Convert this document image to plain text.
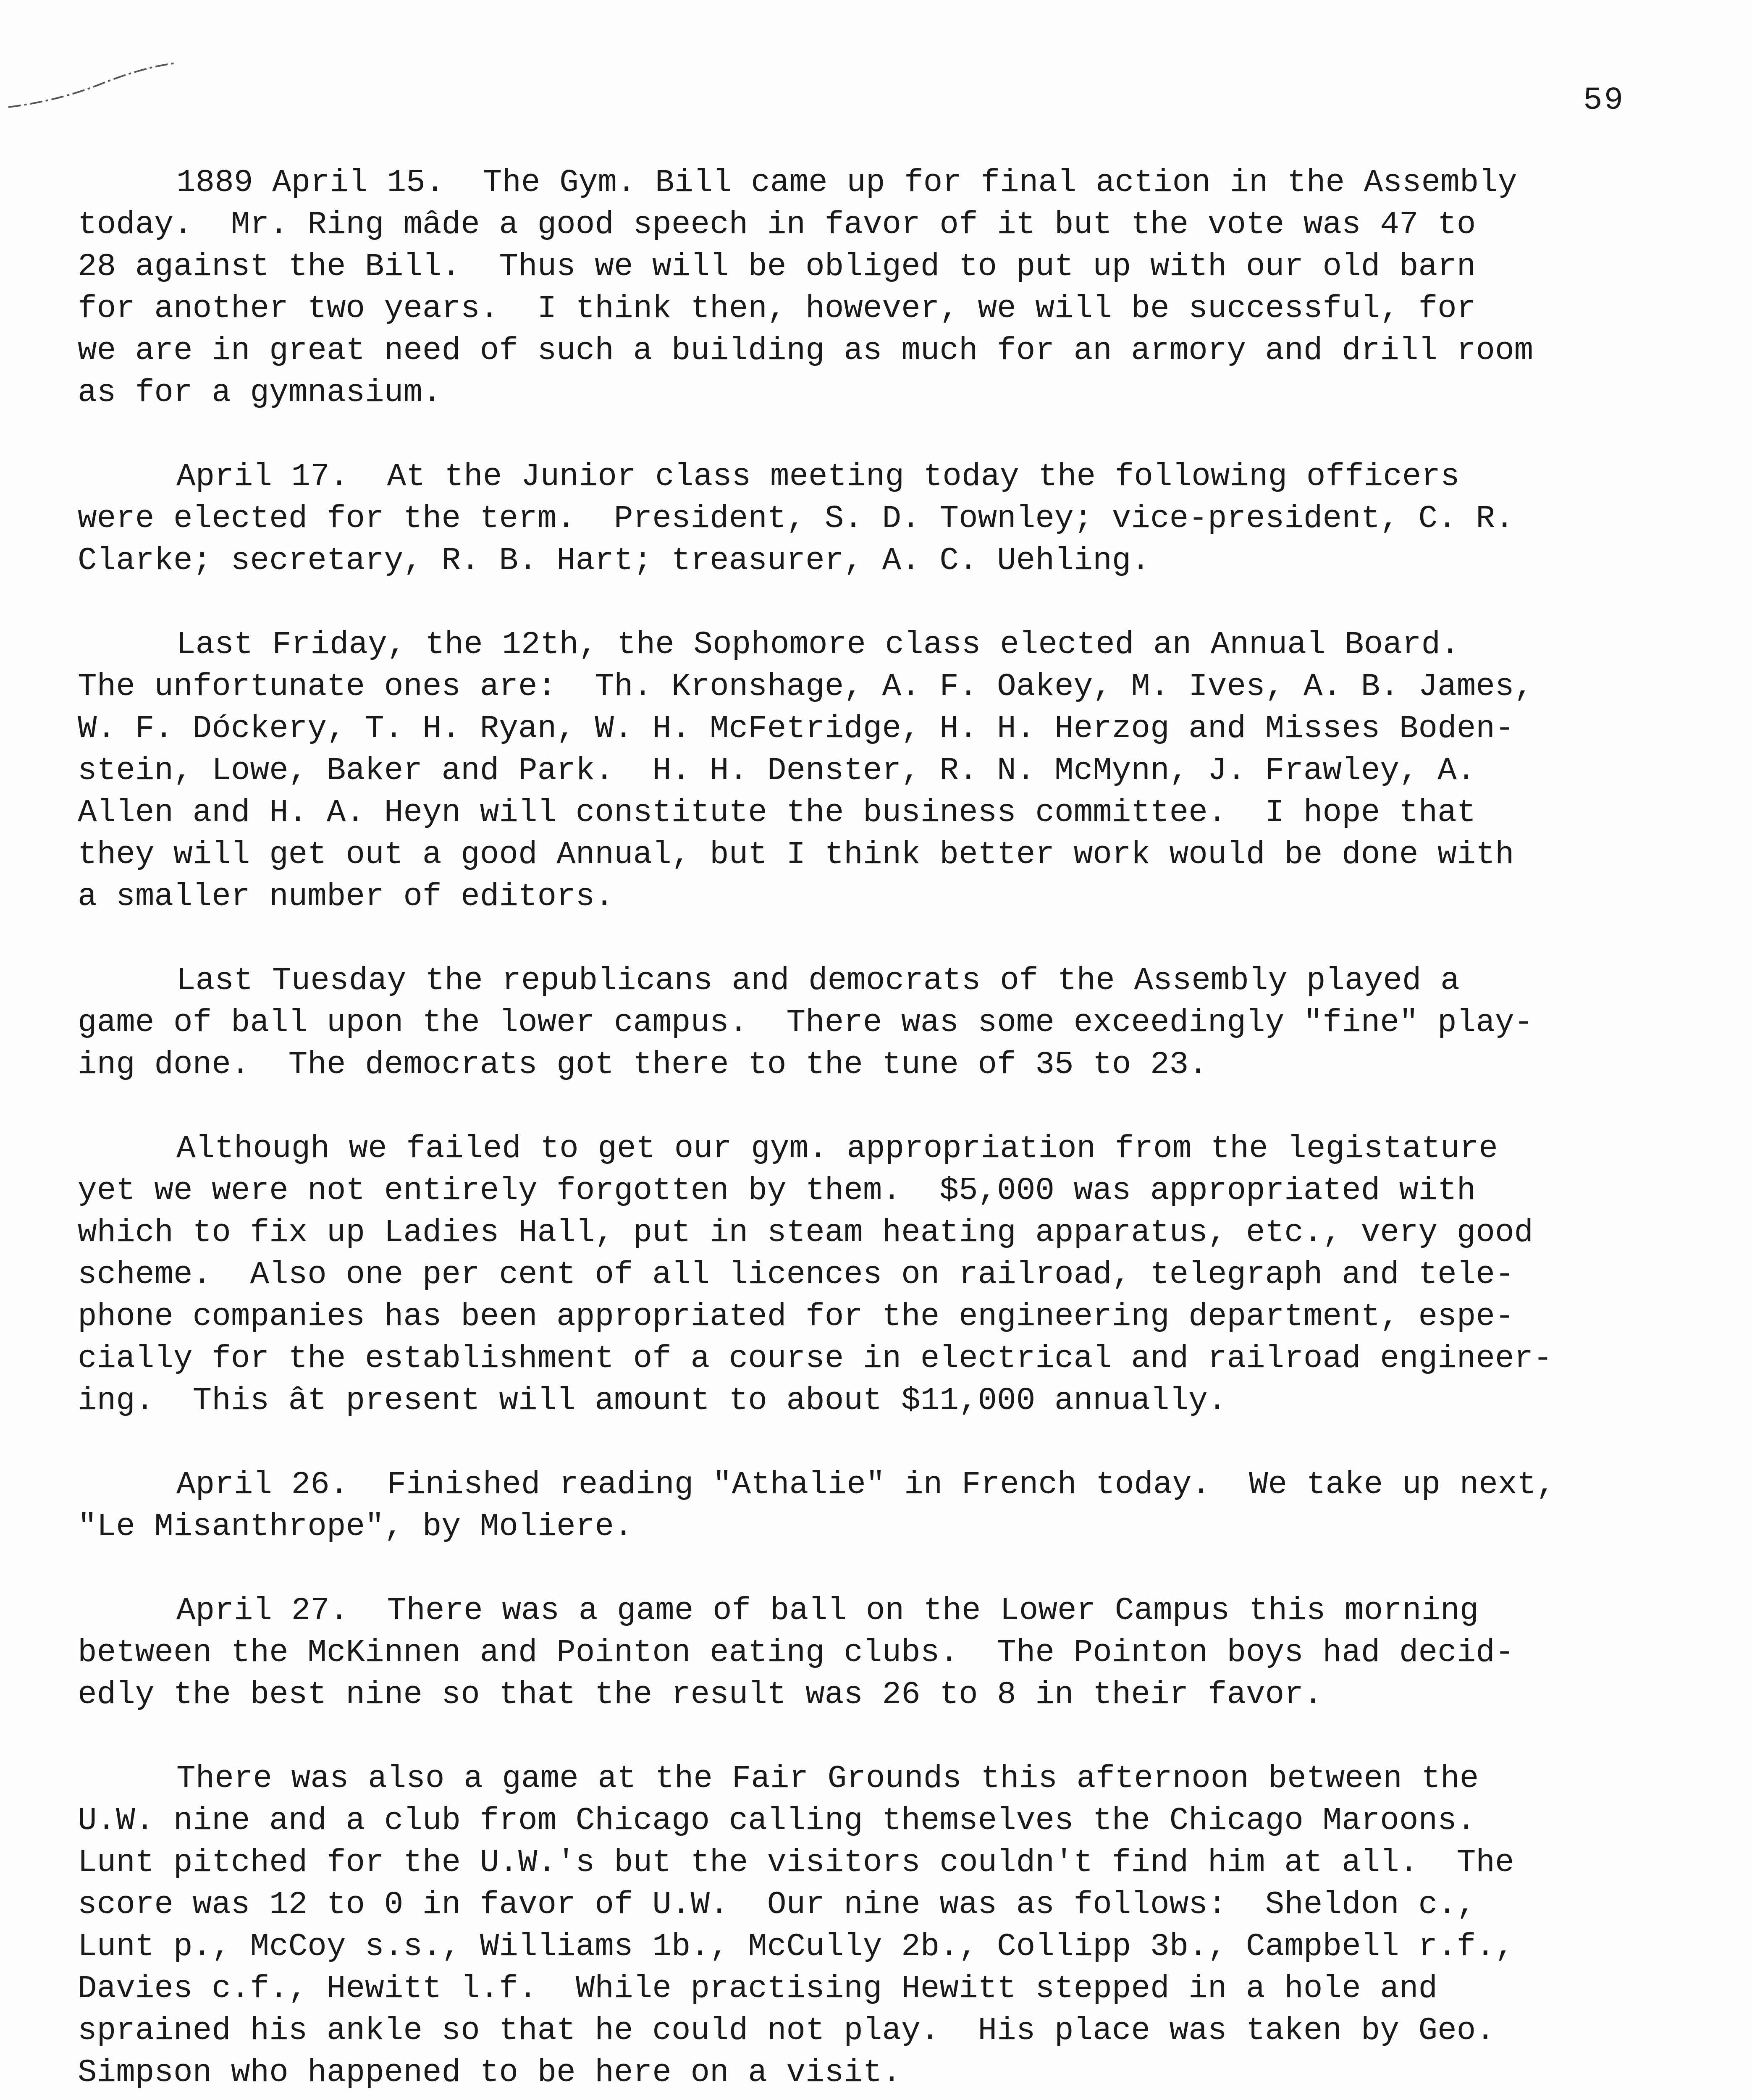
59
1889 April 15.  The Gym. Bill came up for final action in the Assembly
today.  Mr. Ring mâde a good speech in favor of it but the vote was 47 to
28 against the Bill.  Thus we will be obliged to put up with our old barn
for another two years.  I think then, however, we will be successful, for
we are in great need of such a building as much for an armory and drill room
as for a gymnasium.
April 17.  At the Junior class meeting today the following officers
were elected for the term.  President, S. D. Townley; vice-president, C. R.
Clarke; secretary, R. B. Hart; treasurer, A. C. Uehling.
Last Friday, the 12th, the Sophomore class elected an Annual Board.
The unfortunate ones are:  Th. Kronshage, A. F. Oakey, M. Ives, A. B. James,
W. F. Dóckery, T. H. Ryan, W. H. McFetridge, H. H. Herzog and Misses Boden-
stein, Lowe, Baker and Park.  H. H. Denster, R. N. McMynn, J. Frawley, A.
Allen and H. A. Heyn will constitute the business committee.  I hope that
they will get out a good Annual, but I think better work would be done with
a smaller number of editors.
Last Tuesday the republicans and democrats of the Assembly played a
game of ball upon the lower campus.  There was some exceedingly "fine" play-
ing done.  The democrats got there to the tune of 35 to 23.
Although we failed to get our gym. appropriation from the legistature
yet we were not entirely forgotten by them.  $5,000 was appropriated with
which to fix up Ladies Hall, put in steam heating apparatus, etc., very good
scheme.  Also one per cent of all licences on railroad, telegraph and tele-
phone companies has been appropriated for the engineering department, espe-
cially for the establishment of a course in electrical and railroad engineer-
ing.  This ât present will amount to about $11,000 annually.
April 26.  Finished reading "Athalie" in French today.  We take up next,
"Le Misanthrope", by Moliere.
April 27.  There was a game of ball on the Lower Campus this morning
between the McKinnen and Pointon eating clubs.  The Pointon boys had decid-
edly the best nine so that the result was 26 to 8 in their favor.
There was also a game at the Fair Grounds this afternoon between the
U.W. nine and a club from Chicago calling themselves the Chicago Maroons.
Lunt pitched for the U.W.'s but the visitors couldn't find him at all.  The
score was 12 to 0 in favor of U.W.  Our nine was as follows:  Sheldon c.,
Lunt p., McCoy s.s., Williams 1b., McCully 2b., Collipp 3b., Campbell r.f.,
Davies c.f., Hewitt l.f.  While practising Hewitt stepped in a hole and
sprained his ankle so that he could not play.  His place was taken by Geo.
Simpson who happened to be here on a visit.
